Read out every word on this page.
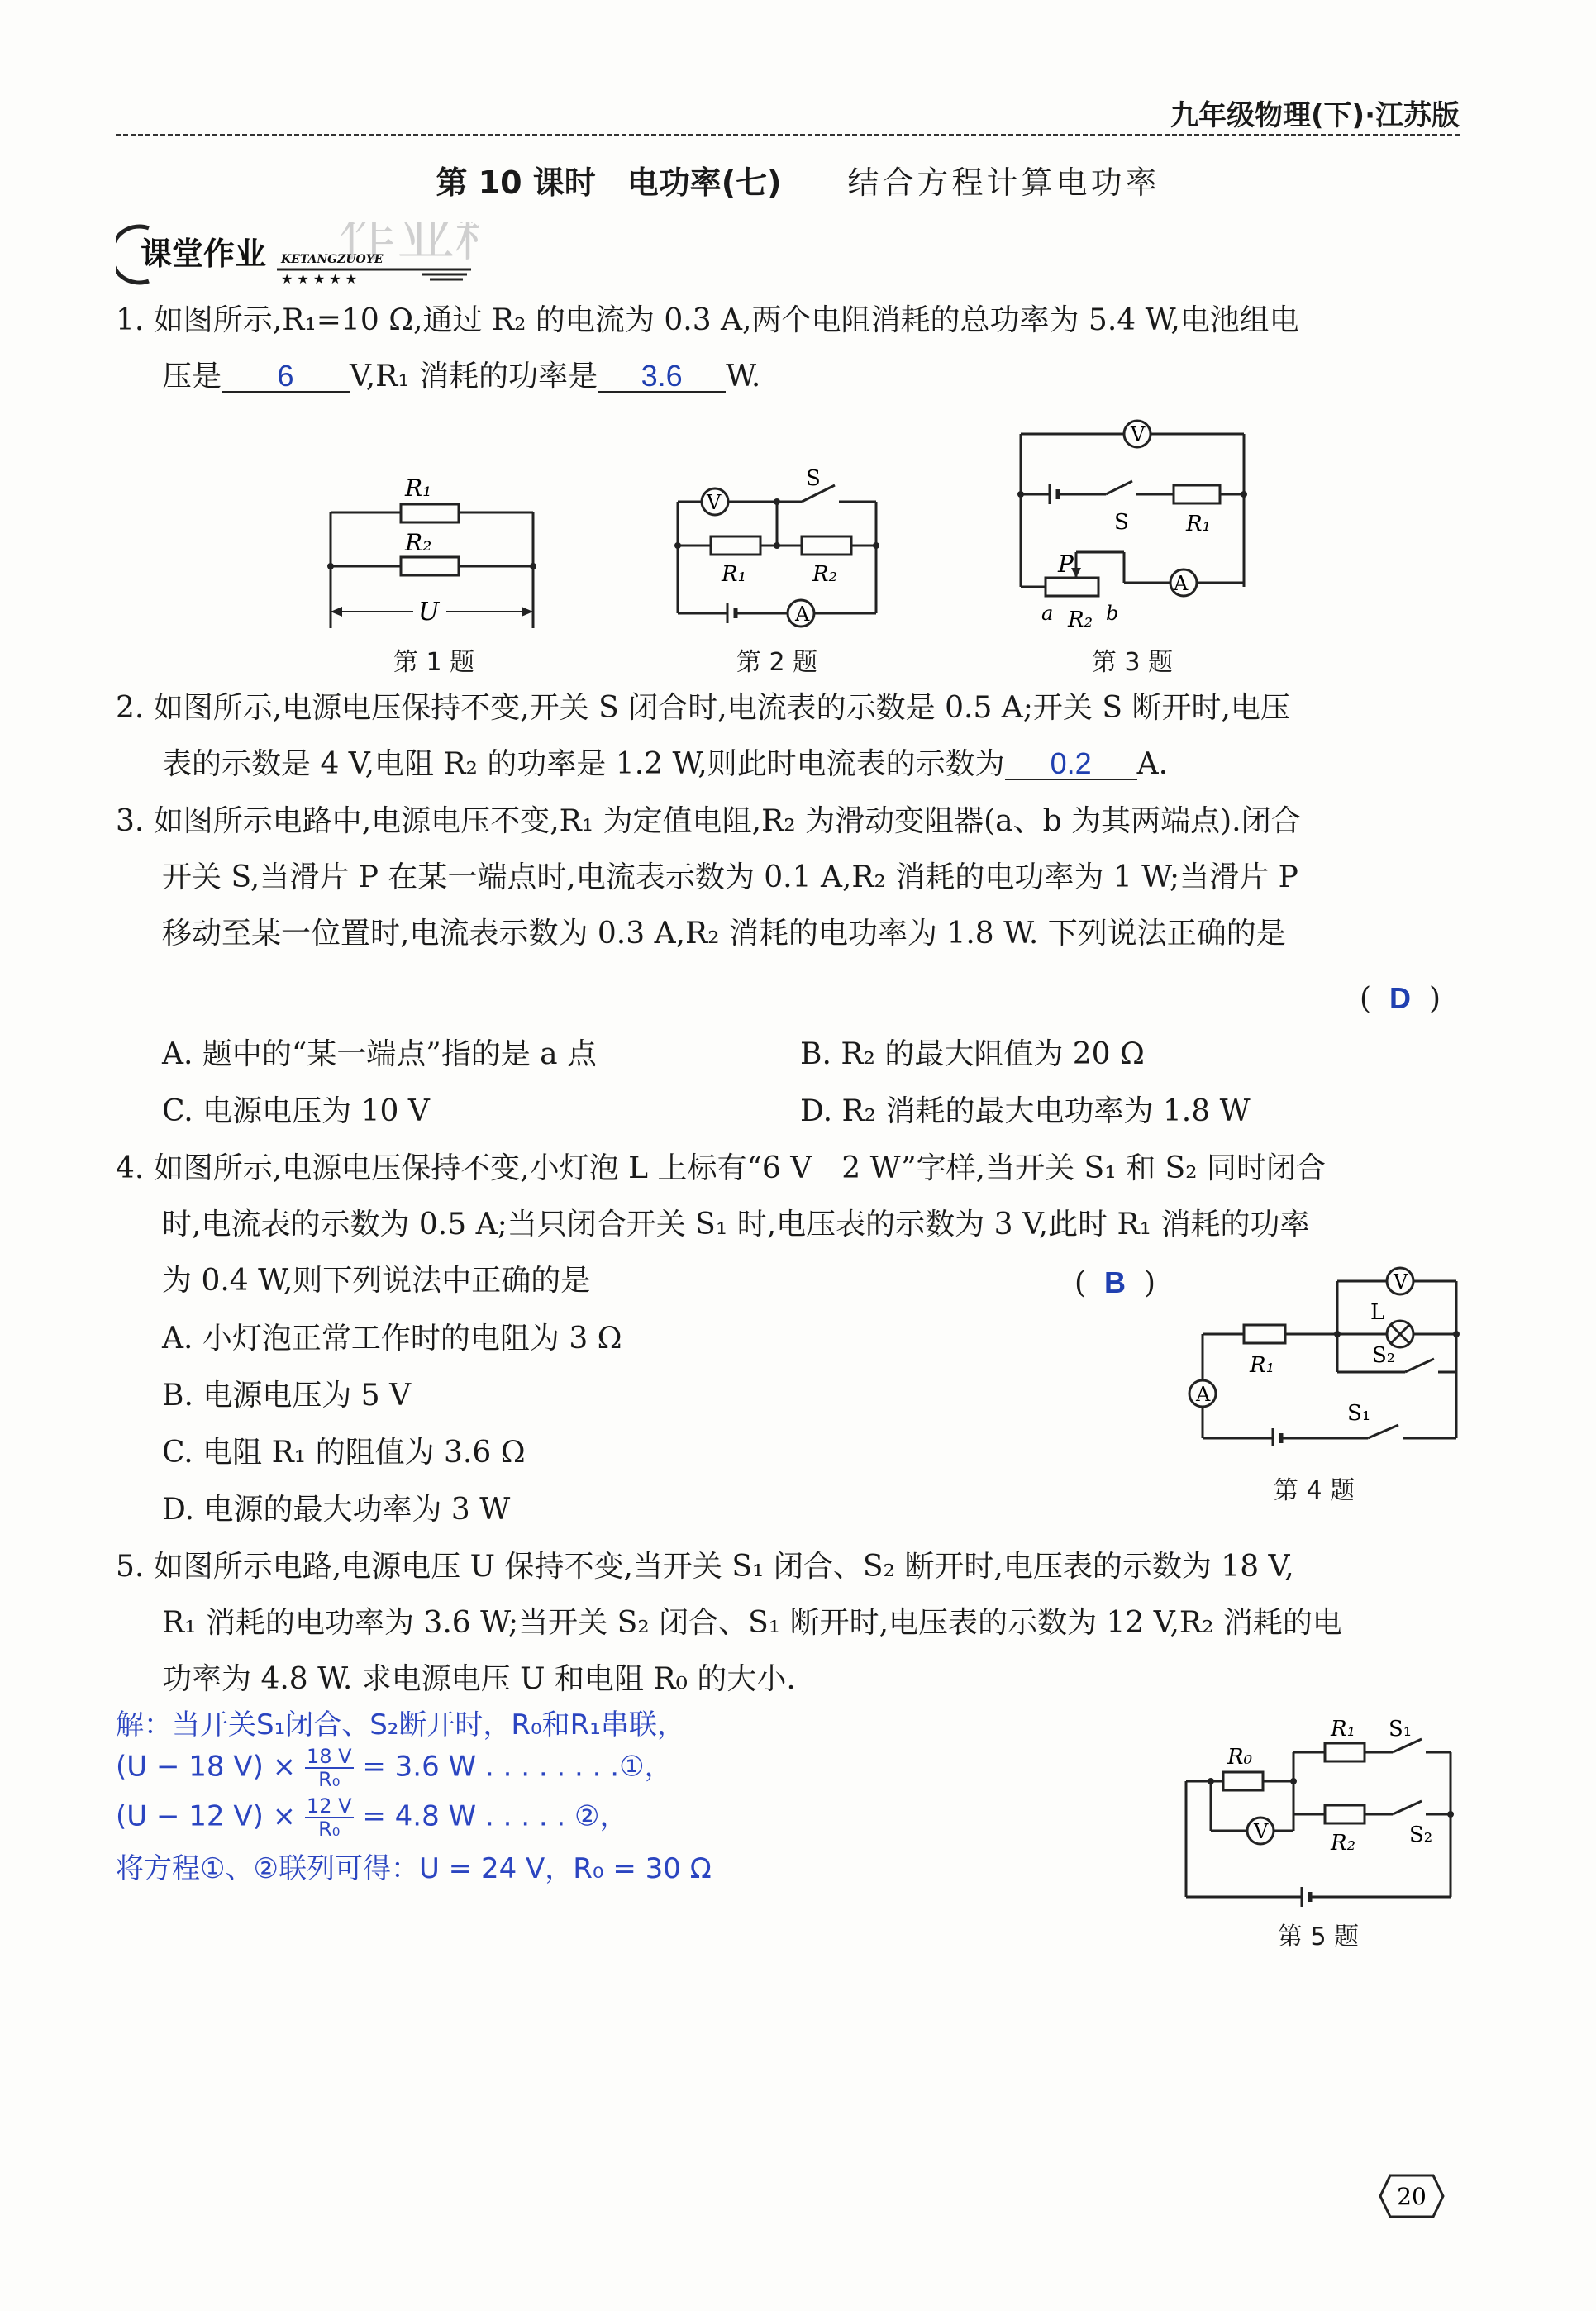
九年级物理(下)·江苏版
第 10 课时　电功率(七) 结合方程计算电功率
作业
课堂作业 KETANGZUOYE
★ ★ ★ ★ ★
1. 如图所示,R₁=10 Ω,通过 R₂ 的电流为 0.3 A,两个电阻消耗的总功率为 5.4 W,电池组电
压是 6 V,R₁ 消耗的功率是 3.6 W.
R₁
R₂
U
第 1 题
V
A
S
R₁	R₂
第 2 题
V
A
S	R₁
P
a R₂ b
第 3 题
2. 如图所示,电源电压保持不变,开关 S 闭合时,电流表的示数是 0.5 A;开关 S 断开时,电压
表的示数是 4 V,电阻 R₂ 的功率是 1.2 W,则此时电流表的示数为 0.2 A.
3. 如图所示电路中,电源电压不变,R₁ 为定值电阻,R₂ 为滑动变阻器(a、b 为其两端点).闭合
开关 S,当滑片 P 在某一端点时,电流表示数为 0.1 A,R₂ 消耗的电功率为 1 W;当滑片 P
移动至某一位置时,电流表示数为 0.3 A,R₂ 消耗的电功率为 1.8 W. 下列说法正确的是
( D )
A. 题中的“某一端点”指的是 a 点	B. R₂ 的最大阻值为 20 Ω
C. 电源电压为 10 V	D. R₂ 消耗的最大电功率为 1.8 W
4. 如图所示,电源电压保持不变,小灯泡 L 上标有“6 V　2 W”字样,当开关 S₁ 和 S₂ 同时闭合
时,电流表的示数为 0.5 A;当只闭合开关 S₁ 时,电压表的示数为 3 V,此时 R₁ 消耗的功率
为 0.4 W,则下列说法中正确的是	( B )
A. 小灯泡正常工作时的电阻为 3 Ω
B. 电源电压为 5 V
C. 电阻 R₁ 的阻值为 3.6 Ω
D. 电源的最大功率为 3 W
V
A
L
R₁	S₂
S₁
第 4 题
5. 如图所示电路,电源电压 U 保持不变,当开关 S₁ 闭合、S₂ 断开时,电压表的示数为 18 V,
R₁ 消耗的电功率为 3.6 W;当开关 S₂ 闭合、S₁ 断开时,电压表的示数为 12 V,R₂ 消耗的电
功率为 4.8 W. 求电源电压 U 和电阻 R₀ 的大小.
解：当开关S₁闭合、S₂断开时，R₀和R₁串联，
(U − 18 $V) \times \frac{18 V}{\text{R₀}} = 3.6$ W . . . . . . . .①，
(U − 12 $V) \times \frac{12 V}{\text{R₀}} = 4.8$ W . . . . . ②，
将方程①、②联列可得：U = 24 V，R₀ = 30 Ω
V
R₀
R₁ S₁
R₂	S₂
第 5 题
20
